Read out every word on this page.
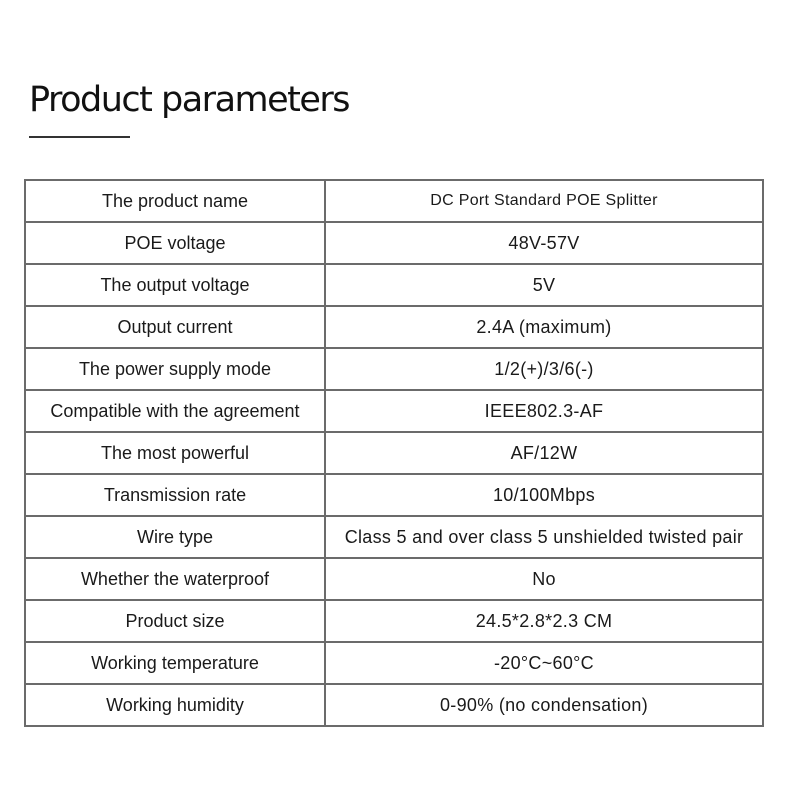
Product parameters
The product name	DC Port Standard POE Splitter
POE voltage	48V-57V
The output voltage	5V
Output current	2.4A (maximum)
The power supply mode	1/2(+)/3/6(-)
Compatible with the agreement	IEEE802.3-AF
The most powerful	AF/12W
Transmission rate	10/100Mbps
Wire type	Class 5 and over class 5 unshielded twisted pair
Whether the waterproof	No
Product size	24.5*2.8*2.3 CM
Working temperature	-20°C~60°C
Working humidity	0-90% (no condensation)
